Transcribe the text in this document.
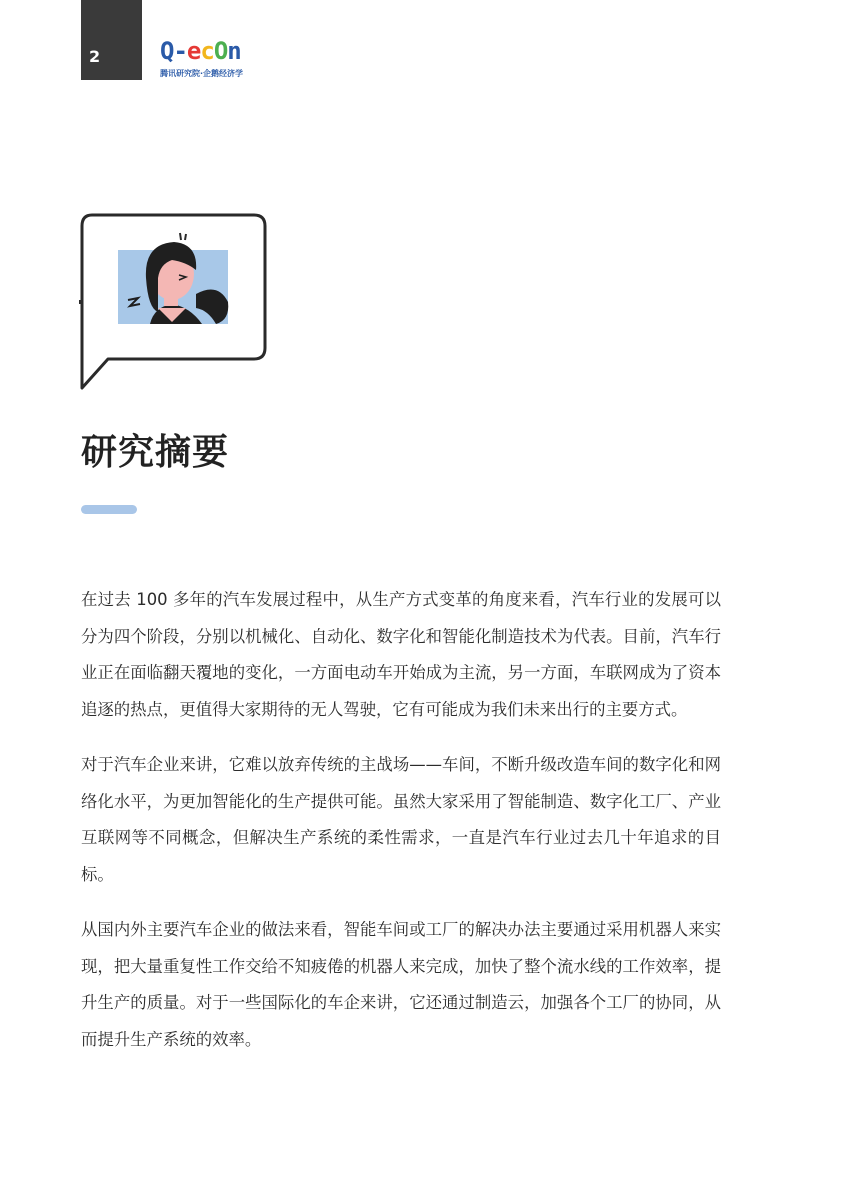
2 Q - e c O n
腾讯研究院·企鹅经济学
研究摘要

在过去 100 多年的汽车发展过程中，从生产方式变革的角度来看，汽车行业的发展可以分为四个阶段，分别以机械化、自动化、数字化和智能化制造技术为代表。目前，汽车行业正在面临翻天覆地的变化，一方面电动车开始成为主流，另一方面，车联网成为了资本追逐的热点，更值得大家期待的无人驾驶，它有可能成为我们未来出行的主要方式。

对于汽车企业来讲，它难以放弃传统的主战场——车间，不断升级改造车间的数字化和网络化水平，为更加智能化的生产提供可能。虽然大家采用了智能制造、数字化工厂、产业互联网等不同概念，但解决生产系统的柔性需求，一直是汽车行业过去几十年追求的目标。

从国内外主要汽车企业的做法来看，智能车间或工厂的解决办法主要通过采用机器人来实现，把大量重复性工作交给不知疲倦的机器人来完成，加快了整个流水线的工作效率，提升生产的质量。对于一些国际化的车企来讲，它还通过制造云，加强各个工厂的协同，从而提升生产系统的效率。
